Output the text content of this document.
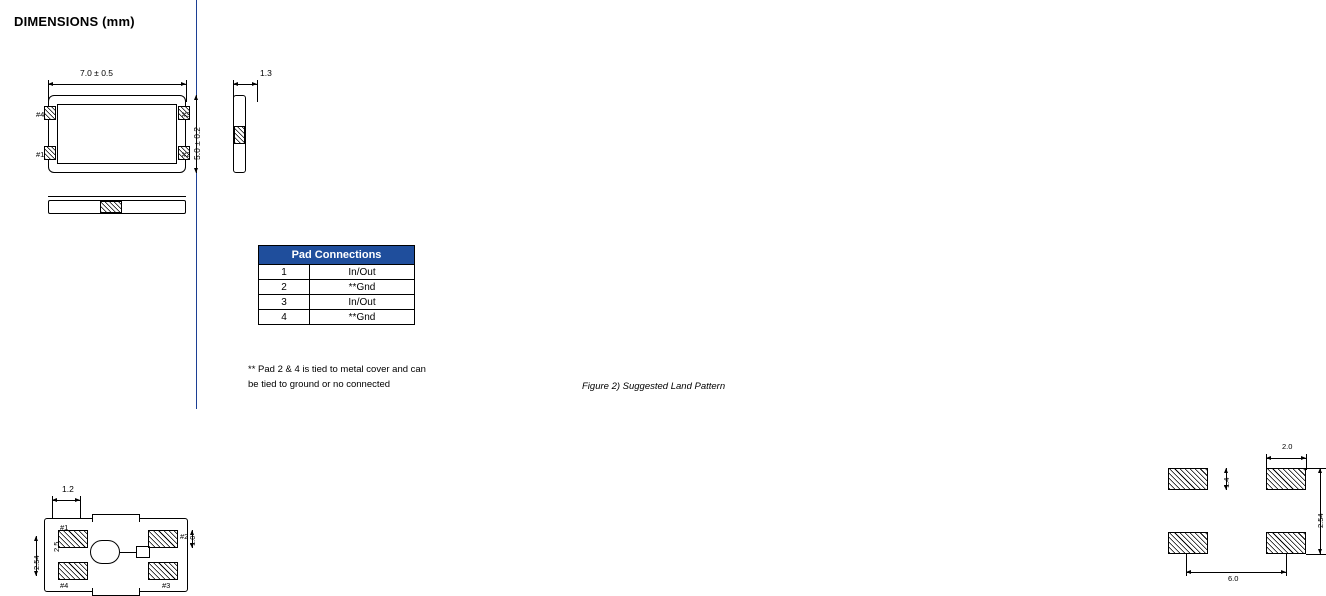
DIMENSIONS (mm)
7.0 ± 0.5
#4
#1
#3
#2 5.0 ± 0.2
1.3
1.2
#1
#4
#2
#3
2.54
2.5
1.0
Pad Connections	
1	In/Out
2	**Gnd
3	In/Out
4	**Gnd
** Pad 2 & 4 is tied to metal cover and can
be tied to ground or no connected
2.0
1.4
2.54
6.0
Figure 2) Suggested Land Pattern
